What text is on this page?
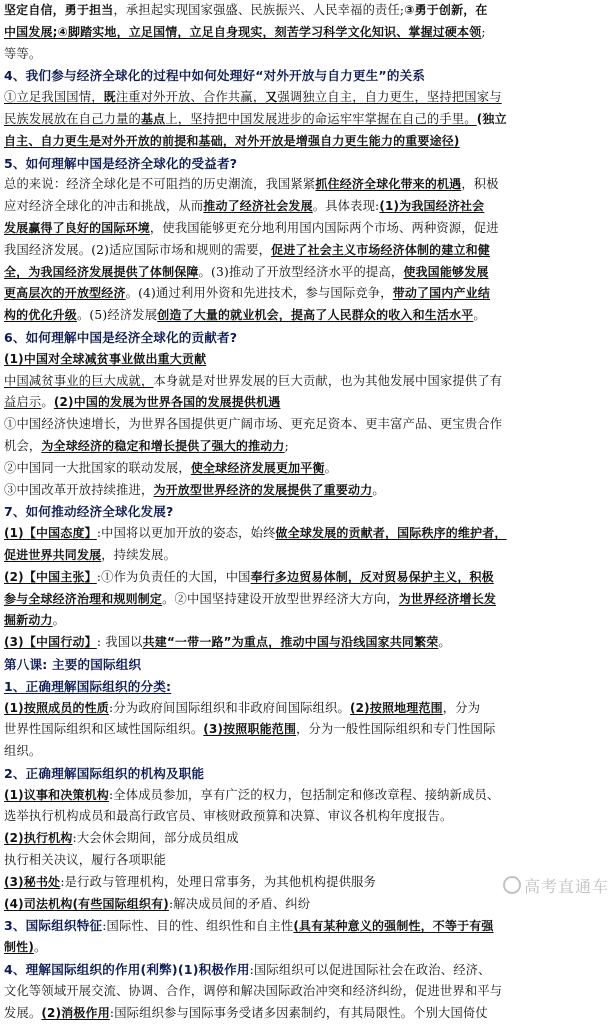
坚定自信，勇于担当，承担起实现国家强盛、民族振兴、人民幸福的责任;③勇于创新，在
中国发展;④脚踏实地，立足国情，立足自身现实，刻苦学习科学文化知识、掌握过硬本领;
等等。
4、我们参与经济全球化的过程中如何处理好“对外开放与自力更生”的关系
①立足我国国情，既注重对外开放、合作共赢，又强调独立自主，自力更生，坚持把国家与
民族发展放在自己力量的基点上，坚持把中国发展进步的命运牢牢掌握在自己的手里。(独立
自主、自力更生是对外开放的前提和基础，对外开放是增强自力更生能力的重要途径)
5、如何理解中国是经济全球化的受益者?
总的来说：经济全球化是不可阻挡的历史潮流，我国紧紧抓住经济全球化带来的机遇，积极
应对经济全球化的冲击和挑战，从而推动了经济社会发展。具体表现:(1)为我国经济社会
发展赢得了良好的国际环境，使我国能够更充分地利用国内国际两个市场、两种资源，促进
我国经济发展。(2)适应国际市场和规则的需要，促进了社会主义市场经济体制的建立和健
全，为我国经济发展提供了体制保障。(3)推动了开放型经济水平的提高，使我国能够发展
更高层次的开放型经济。(4)通过利用外资和先进技术，参与国际竞争，带动了国内产业结
构的优化升级。(5)经济发展创造了大量的就业机会，提高了人民群众的收入和生活水平。
6、如何理解中国是经济全球化的贡献者?
(1)中国对全球减贫事业做出重大贡献
中国减贫事业的巨大成就，本身就是对世界发展的巨大贡献，也为其他发展中国家提供了有
益启示。(2)中国的发展为世界各国的发展提供机遇
①中国经济快速增长，为世界各国提供更广阔市场、更充足资本、更丰富产品、更宝贵合作
机会，为全球经济的稳定和增长提供了强大的推动力;
②中国同一大批国家的联动发展，使全球经济发展更加平衡。
③中国改革开放持续推进，为开放型世界经济的发展提供了重要动力。
7、如何推动经济全球化发展?
(1)【中国态度】:中国将以更加开放的姿态，始终做全球发展的贡献者，国际秩序的维护者，
促进世界共同发展，持续发展。
(2)【中国主张】:①作为负责任的大国，中国奉行多边贸易体制，反对贸易保护主义，积极
参与全球经济治理和规则制定。②中国坚持建设开放型世界经济大方向，为世界经济增长发
掘新动力。
(3)【中国行动】: 我国以共建“一带一路”为重点，推动中国与沿线国家共同繁荣。
第八课: 主要的国际组织
1、正确理解国际组织的分类:
(1)按照成员的性质:分为政府间国际组织和非政府间国际组织。(2)按照地理范围，分为
世界性国际组织和区域性国际组织。(3)按照职能范围，分为一般性国际组织和专门性国际
组织。
2、正确理解国际组织的机构及职能
(1)议事和决策机构:全体成员参加，享有广泛的权力，包括制定和修改章程、接纳新成员、
选举执行机构成员和最高行政官员、审核财政预算和决算、审议各机构年度报告。
(2)执行机构:大会休会期间，部分成员组成
执行相关决议，履行各项职能
(3)秘书处:是行政与管理机构，处理日常事务，为其他机构提供服务
(4)司法机构(有些国际组织有):解决成员间的矛盾、纠纷
3、国际组织特征:国际性、目的性、组织性和自主性(具有某种意义的强制性，不等于有强
制性)。
4、理解国际组织的作用(利弊)(1)积极作用:国际组织可以促进国际社会在政治、经济、
文化等领域开展交流、协调、合作，调停和解决国际政治冲突和经济纠纷，促进世界和平与
发展。(2)消极作用:国际组织参与国际事务受诸多因素制约，有其局限性。个别大国倚仗
高考直通车
